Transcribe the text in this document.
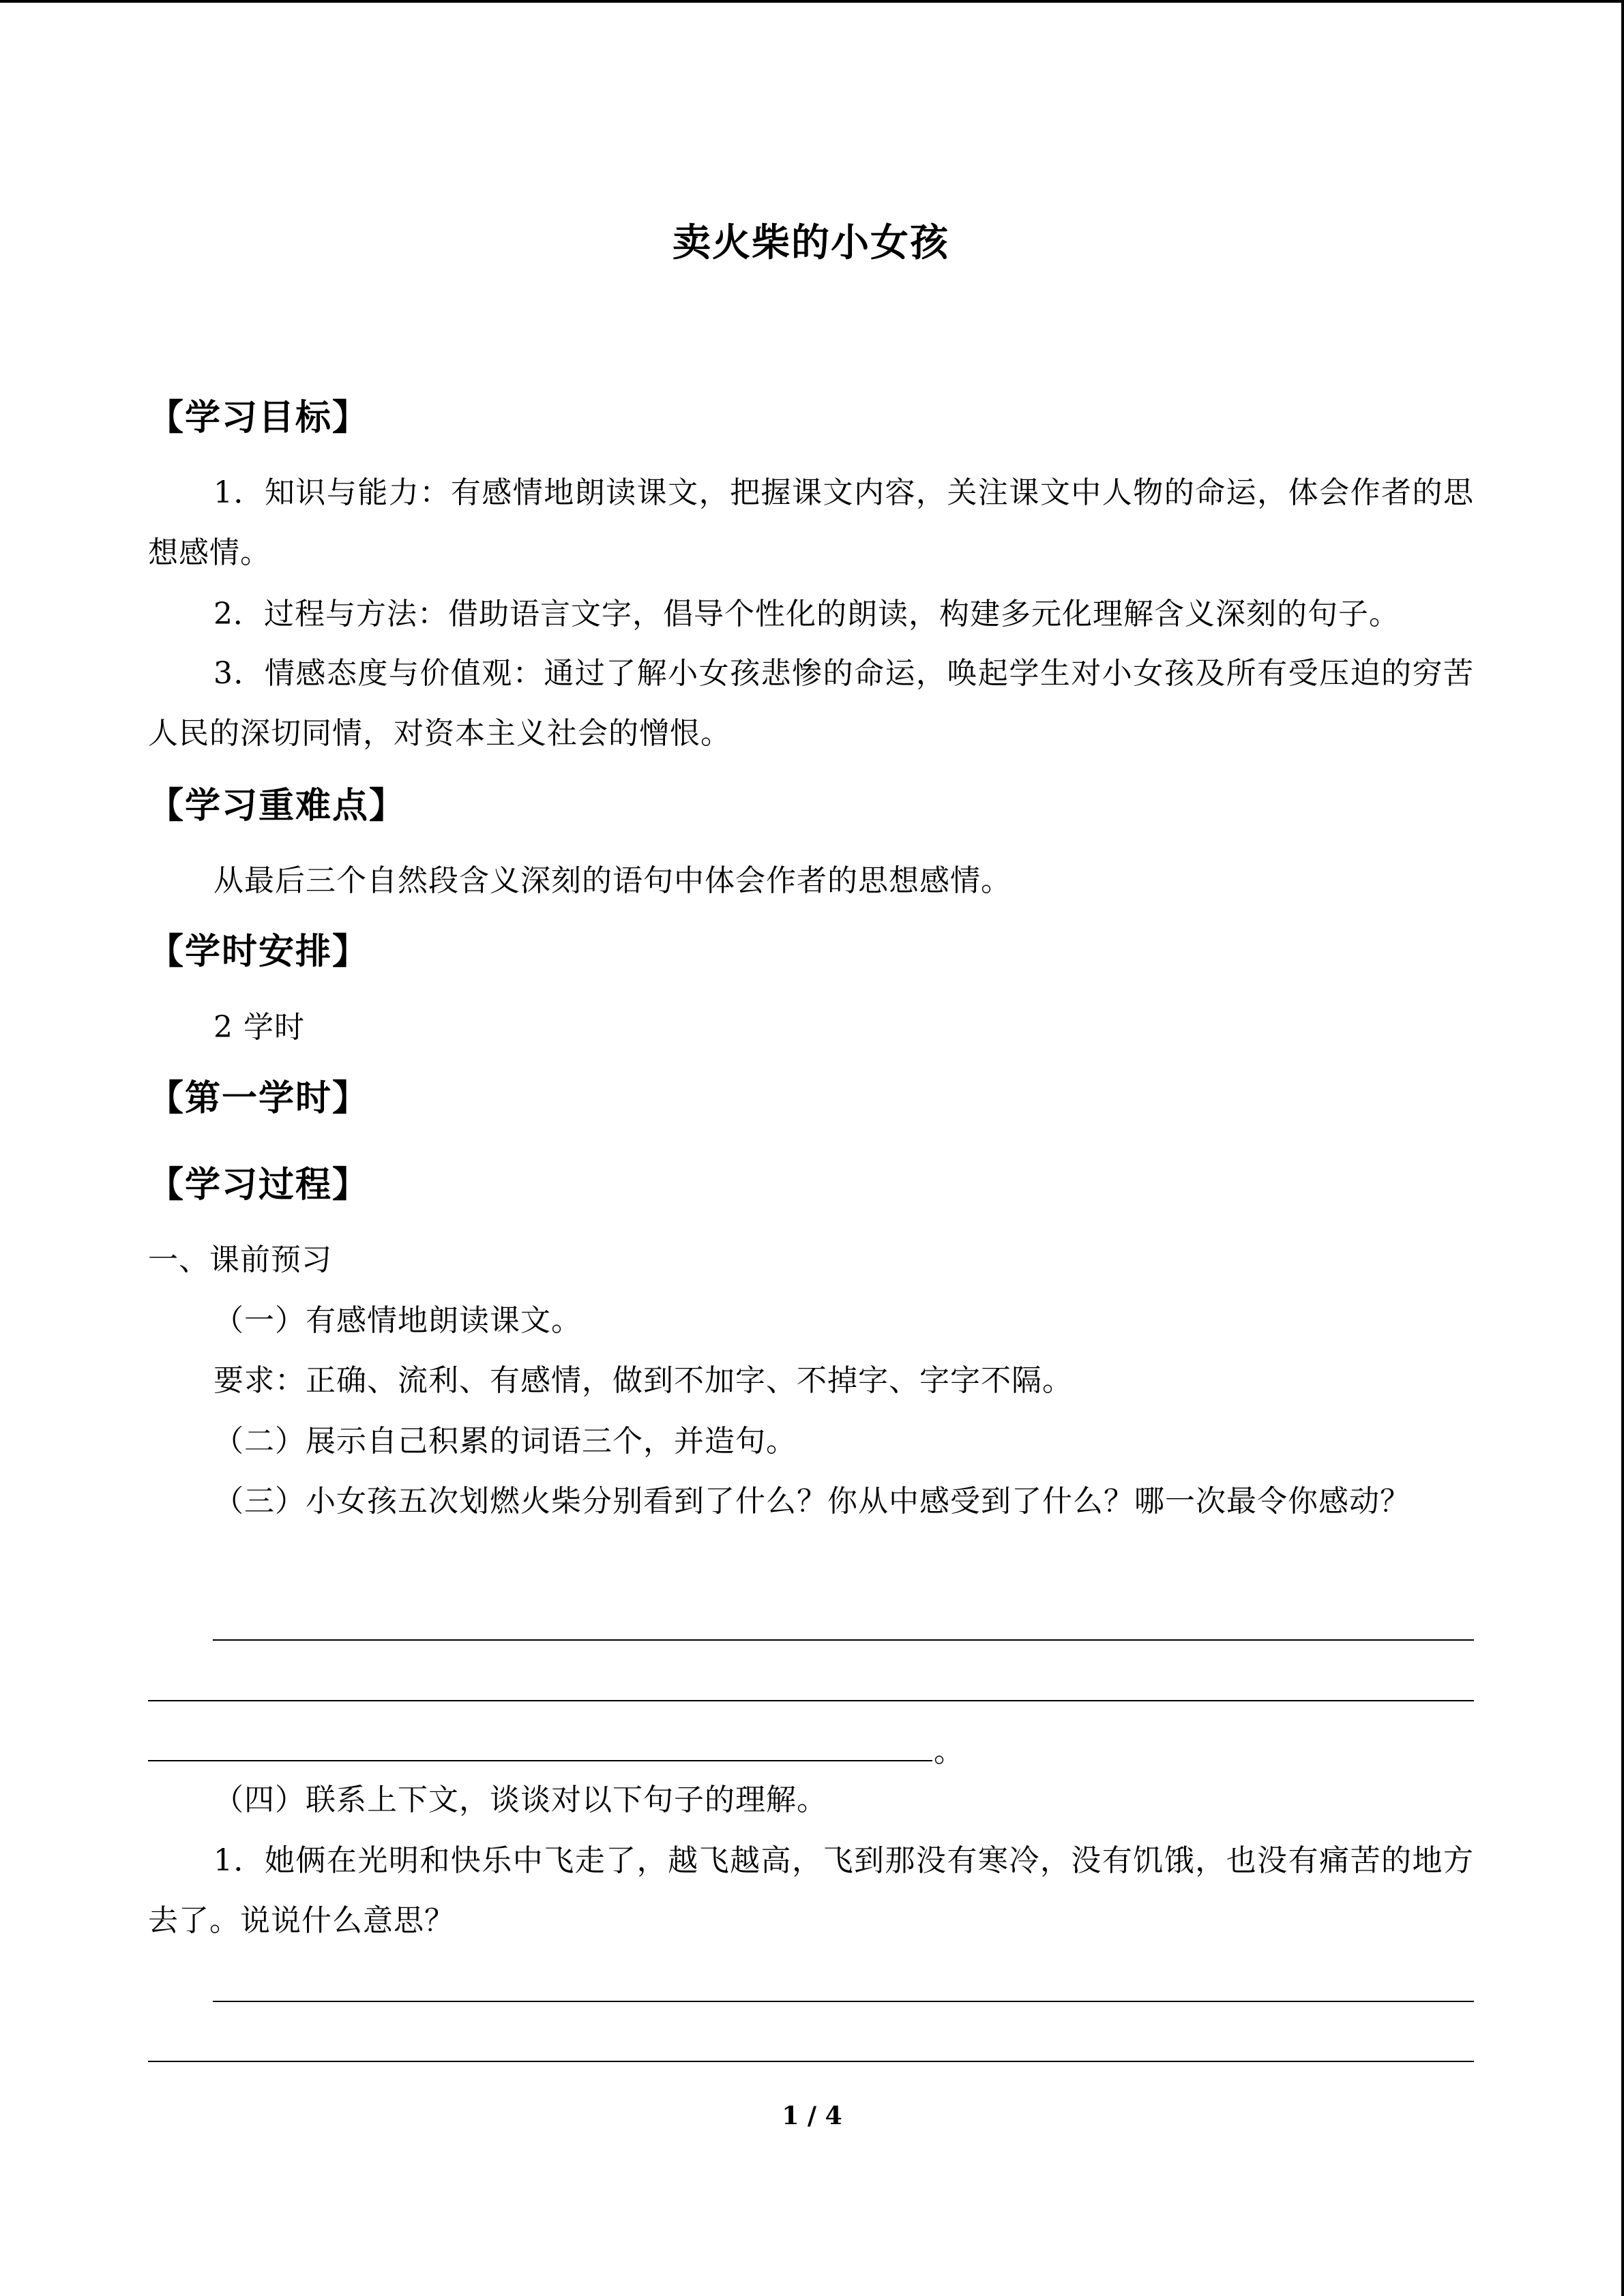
卖火柴的小女孩
【学习目标】
1．知识与能力：有感情地朗读课文，把握课文内容，关注课文中人物的命运，体会作者的思想感情。
2．过程与方法：借助语言文字，倡导个性化的朗读，构建多元化理解含义深刻的句子。
3．情感态度与价值观：通过了解小女孩悲惨的命运，唤起学生对小女孩及所有受压迫的穷苦人民的深切同情，对资本主义社会的憎恨。
【学习重难点】
从最后三个自然段含义深刻的语句中体会作者的思想感情。
【学时安排】
2 学时
【第一学时】
【学习过程】
一、课前预习
（一）有感情地朗读课文。
要求：正确、流利、有感情，做到不加字、不掉字、字字不隔。
（二）展示自己积累的词语三个，并造句。
（三）小女孩五次划燃火柴分别看到了什么？你从中感受到了什么？哪一次最令你感动？
。
（四）联系上下文，谈谈对以下句子的理解。
1．她俩在光明和快乐中飞走了，越飞越高，飞到那没有寒冷，没有饥饿，也没有痛苦的地方去了。说说什么意思？
1 / 4
